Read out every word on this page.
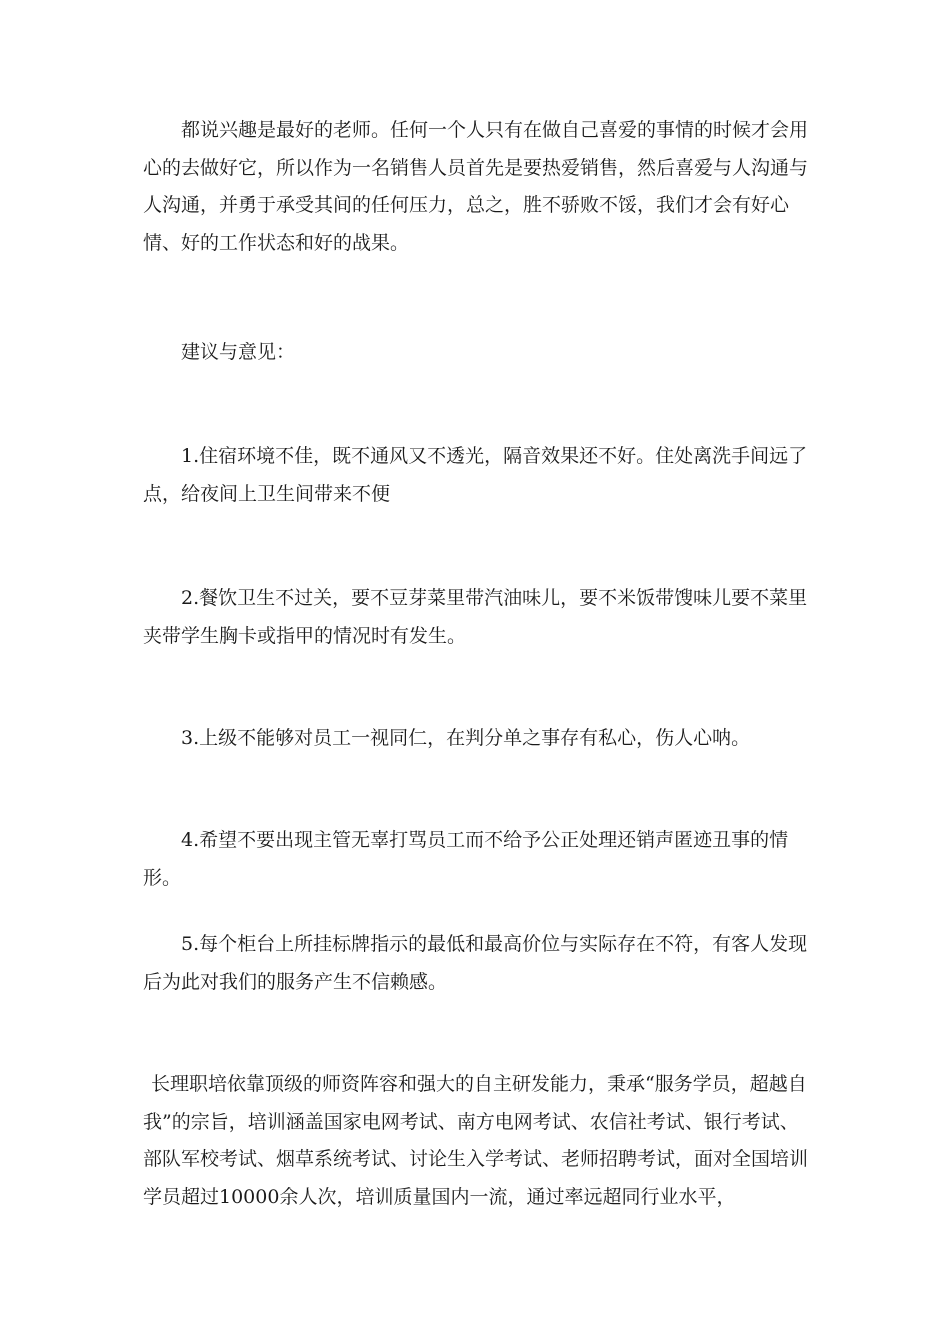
都说兴趣是最好的老师。任何一个人只有在做自己喜爱的事情的时候才会用心的去做好它，所以作为一名销售人员首先是要热爱销售，然后喜爱与人沟通与人沟通，并勇于承受其间的任何压力，总之，胜不骄败不馁，我们才会有好心情、好的工作状态和好的战果。

建议与意见：

1.住宿环境不佳，既不通风又不透光，隔音效果还不好。住处离洗手间远了点，给夜间上卫生间带来不便

2.餐饮卫生不过关，要不豆芽菜里带汽油味儿，要不米饭带馊味儿要不菜里夹带学生胸卡或指甲的情况时有发生。

3.上级不能够对员工一视同仁，在判分单之事存有私心，伤人心呐。

4.希望不要出现主管无辜打骂员工而不给予公正处理还销声匿迹丑事的情形。

5.每个柜台上所挂标牌指示的最低和最高价位与实际存在不符，有客人发现后为此对我们的服务产生不信赖感。

长理职培依靠顶级的师资阵容和强大的自主研发能力，秉承“服务学员，超越自我”的宗旨，培训涵盖国家电网考试、南方电网考试、农信社考试、银行考试、部队军校考试、烟草系统考试、讨论生入学考试、老师招聘考试，面对全国培训学员超过10000余人次，培训质量国内一流，通过率远超同行业水平，
